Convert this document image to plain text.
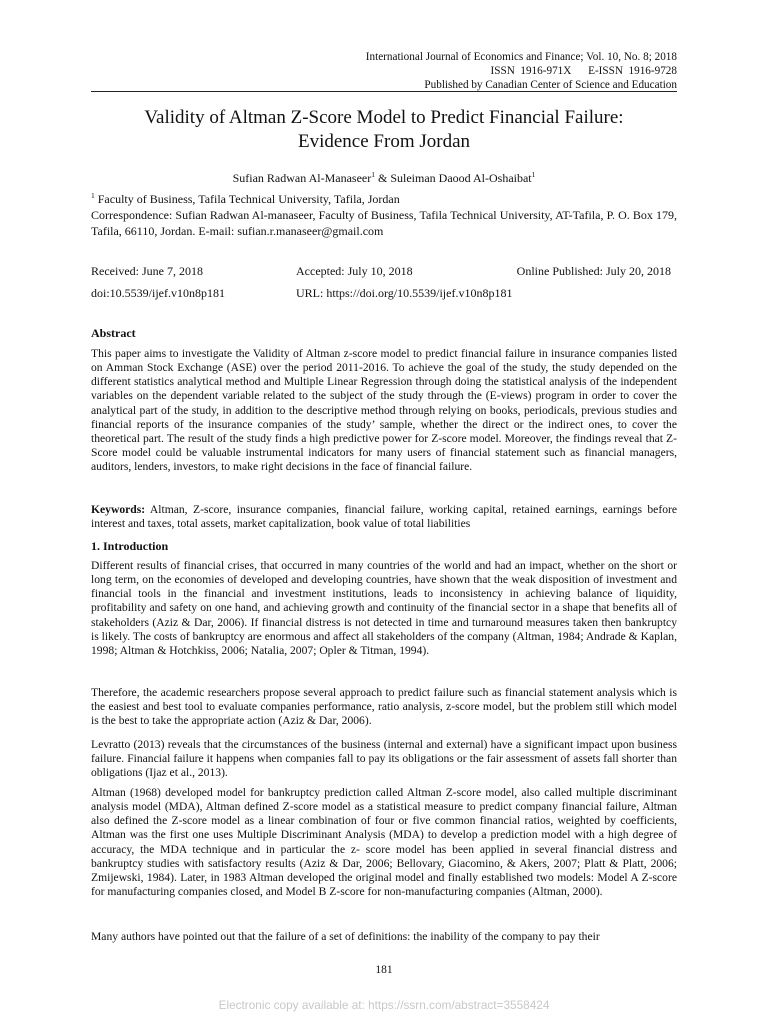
International Journal of Economics and Finance; Vol. 10, No. 8; 2018
ISSN  1916-971X      E-ISSN  1916-9728
Published by Canadian Center of Science and Education
Validity of Altman Z-Score Model to Predict Financial Failure:
Evidence From Jordan
Sufian Radwan Al-Manaseer$^1$ & Suleiman Daood Al-Oshaibat$^1$
$^1$ Faculty of Business, Tafila Technical University, Tafila, Jordan
Correspondence: Sufian Radwan Al-manaseer, Faculty of Business, Tafila Technical University, AT-Tafila, P. O. Box 179, Tafila, 66110, Jordan. E-mail: sufian.r.manaseer@gmail.com
Received: June 7, 2018	Accepted: July 10, 2018	Online Published: July 20, 2018
doi:10.5539/ijef.v10n8p181	URL: https://doi.org/10.5539/ijef.v10n8p181
Abstract

This paper aims to investigate the Validity of Altman z-score model to predict financial failure in insurance companies listed on Amman Stock Exchange (ASE) over the period 2011-2016. To achieve the goal of the study, the study depended on the different statistics analytical method and Multiple Linear Regression through doing the statistical analysis of the independent variables on the dependent variable related to the subject of the study through the (E-views) program in order to cover the analytical part of the study, in addition to the descriptive method through relying on books, periodicals, previous studies and financial reports of the insurance companies of the study’ sample, whether the direct or the indirect ones, to cover the theoretical part. The result of the study finds a high predictive power for Z-score model. Moreover, the findings reveal that Z-Score model could be valuable instrumental indicators for many users of financial statement such as financial managers, auditors, lenders, investors, to make right decisions in the face of financial failure.

Keywords: Altman, Z-score, insurance companies, financial failure, working capital, retained earnings, earnings before interest and taxes, total assets, market capitalization, book value of total liabilities

1. Introduction

Different results of financial crises, that occurred in many countries of the world and had an impact, whether on the short or long term, on the economies of developed and developing countries, have shown that the weak disposition of investment and financial tools in the financial and investment institutions, leads to inconsistency in achieving balance of liquidity, profitability and safety on one hand, and achieving growth and continuity of the financial sector in a shape that benefits all of stakeholders (Aziz & Dar, 2006). If financial distress is not detected in time and turnaround measures taken then bankruptcy is likely. The costs of bankruptcy are enormous and affect all stakeholders of the company (Altman, 1984; Andrade & Kaplan, 1998; Altman & Hotchkiss, 2006; Natalia, 2007; Opler & Titman, 1994).

Therefore, the academic researchers propose several approach to predict failure such as financial statement analysis which is the easiest and best tool to evaluate companies performance, ratio analysis, z-score model, but the problem still which model is the best to take the appropriate action (Aziz & Dar, 2006).

Levratto (2013) reveals that the circumstances of the business (internal and external) have a significant impact upon business failure. Financial failure it happens when companies fall to pay its obligations or the fair assessment of assets fall shorter than obligations (Ijaz et al., 2013).

Altman (1968) developed model for bankruptcy prediction called Altman Z-score model, also called multiple discriminant analysis model (MDA), Altman defined Z-score model as a statistical measure to predict company financial failure, Altman also defined the Z-score model as a linear combination of four or five common financial ratios, weighted by coefficients, Altman was the first one uses Multiple Discriminant Analysis (MDA) to develop a prediction model with a high degree of accuracy, the MDA technique and in particular the z- score model has been applied in several financial distress and bankruptcy studies with satisfactory results (Aziz & Dar, 2006; Bellovary, Giacomino, & Akers, 2007; Platt & Platt, 2006; Zmijewski, 1984). Later, in 1983 Altman developed the original model and finally established two models: Model A Z-score for manufacturing companies closed, and Model B Z-score for non-manufacturing companies (Altman, 2000).

Many authors have pointed out that the failure of a set of definitions: the inability of the company to pay their

181
Electronic copy available at: https://ssrn.com/abstract=3558424
